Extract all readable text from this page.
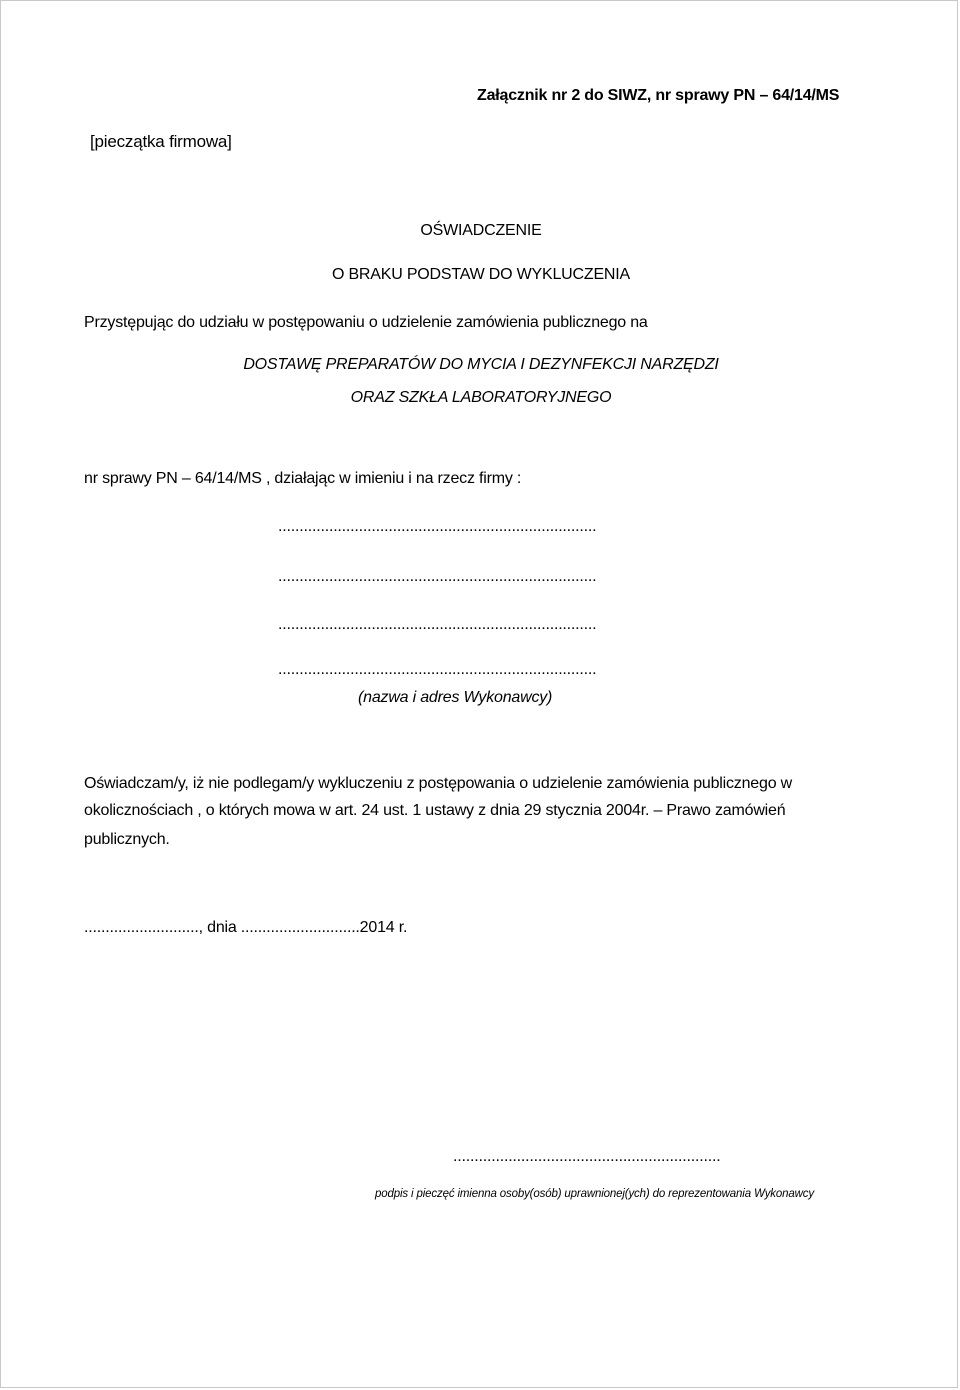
Załącznik nr 2 do SIWZ, nr sprawy PN – 64/14/MS
[pieczątka firmowa]
OŚWIADCZENIE
O BRAKU PODSTAW DO WYKLUCZENIA
Przystępując do udziału w postępowaniu o udzielenie zamówienia publicznego na
DOSTAWĘ PREPARATÓW DO MYCIA I DEZYNFEKCJI NARZĘDZI
ORAZ SZKŁA LABORATORYJNEGO
nr sprawy PN – 64/14/MS , działając w imieniu i na rzecz firmy :
...........................................................................
...........................................................................
...........................................................................
...........................................................................
(nazwa i adres Wykonawcy)
Oświadczam/y, iż nie podlegam/y wykluczeniu z postępowania o udzielenie zamówienia publicznego w
okolicznościach , o których mowa w art. 24 ust. 1 ustawy z dnia 29 stycznia 2004r. – Prawo zamówień
publicznych.
..........................., dnia ............................2014 r.
...............................................................
podpis i pieczęć imienna osoby(osób) uprawnionej(ych) do reprezentowania Wykonawcy
